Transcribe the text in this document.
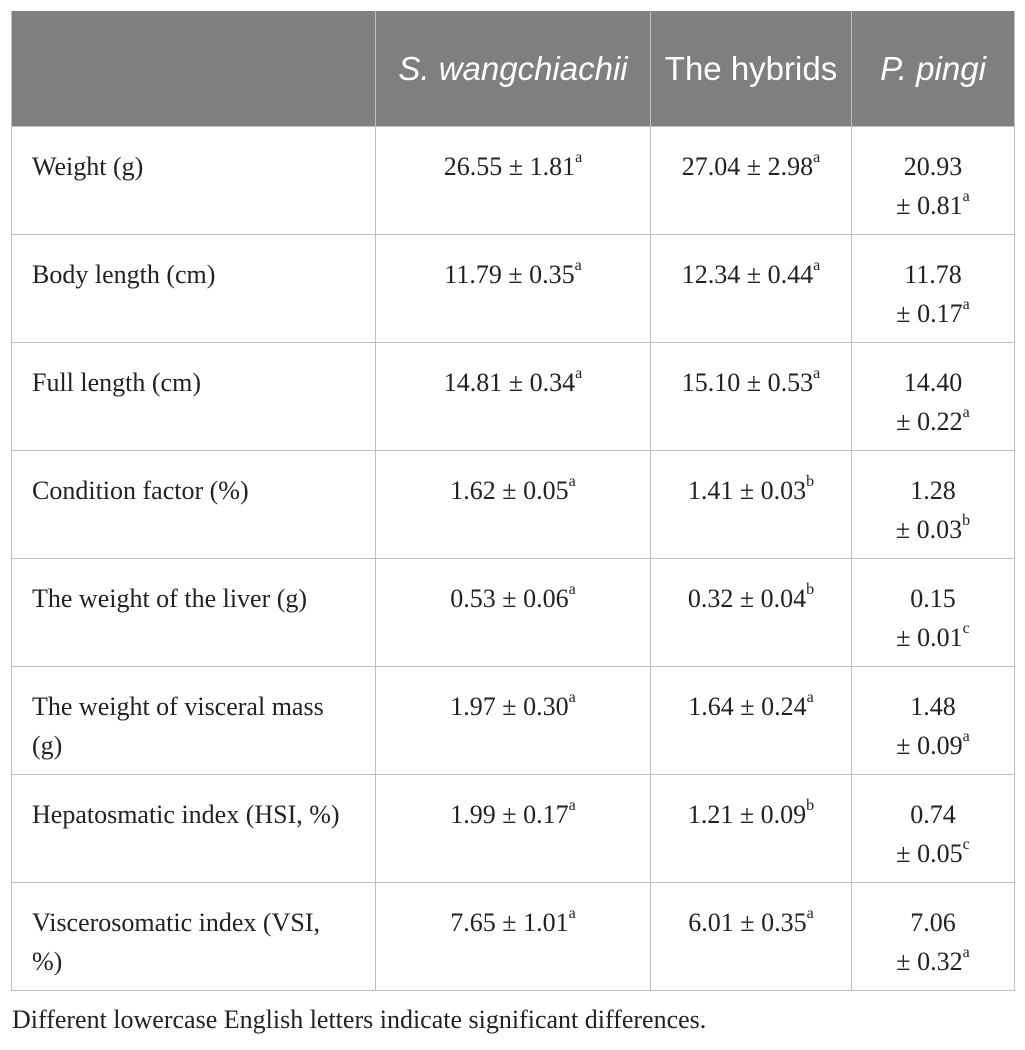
	S. wangchiachii	The hybrids	P. pingi
Weight (g)	26.55 ± 1.81$^a$	27.04 ± 2.98$^a$	20.93
± 0.81$^a$

Body length (cm)	11.79 ± 0.35$^a$	12.34 ± 0.44$^a$	11.78
± 0.17$^a$

Full length (cm)	14.81 ± 0.34$^a$	15.10 ± 0.53$^a$	14.40
± 0.22$^a$

Condition factor (%)	1.62 ± 0.05$^a$	1.41 ± 0.03$^b$	1.28
± 0.03$^b$

The weight of the liver (g)	0.53 ± 0.06$^a$	0.32 ± 0.04$^b$	0.15
± 0.01$^c$

The weight of visceral mass (g)	1.97 ± 0.30$^a$	1.64 ± 0.24$^a$	1.48
± 0.09$^a$

Hepatosmatic index (HSI, %)	1.99 ± 0.17$^a$	1.21 ± 0.09$^b$	0.74
± 0.05$^c$

Viscerosomatic index (VSI, %)	7.65 ± 1.01$^a$	6.01 ± 0.35$^a$	7.06
± 0.32$^a$
Different lowercase English letters indicate significant differences.
